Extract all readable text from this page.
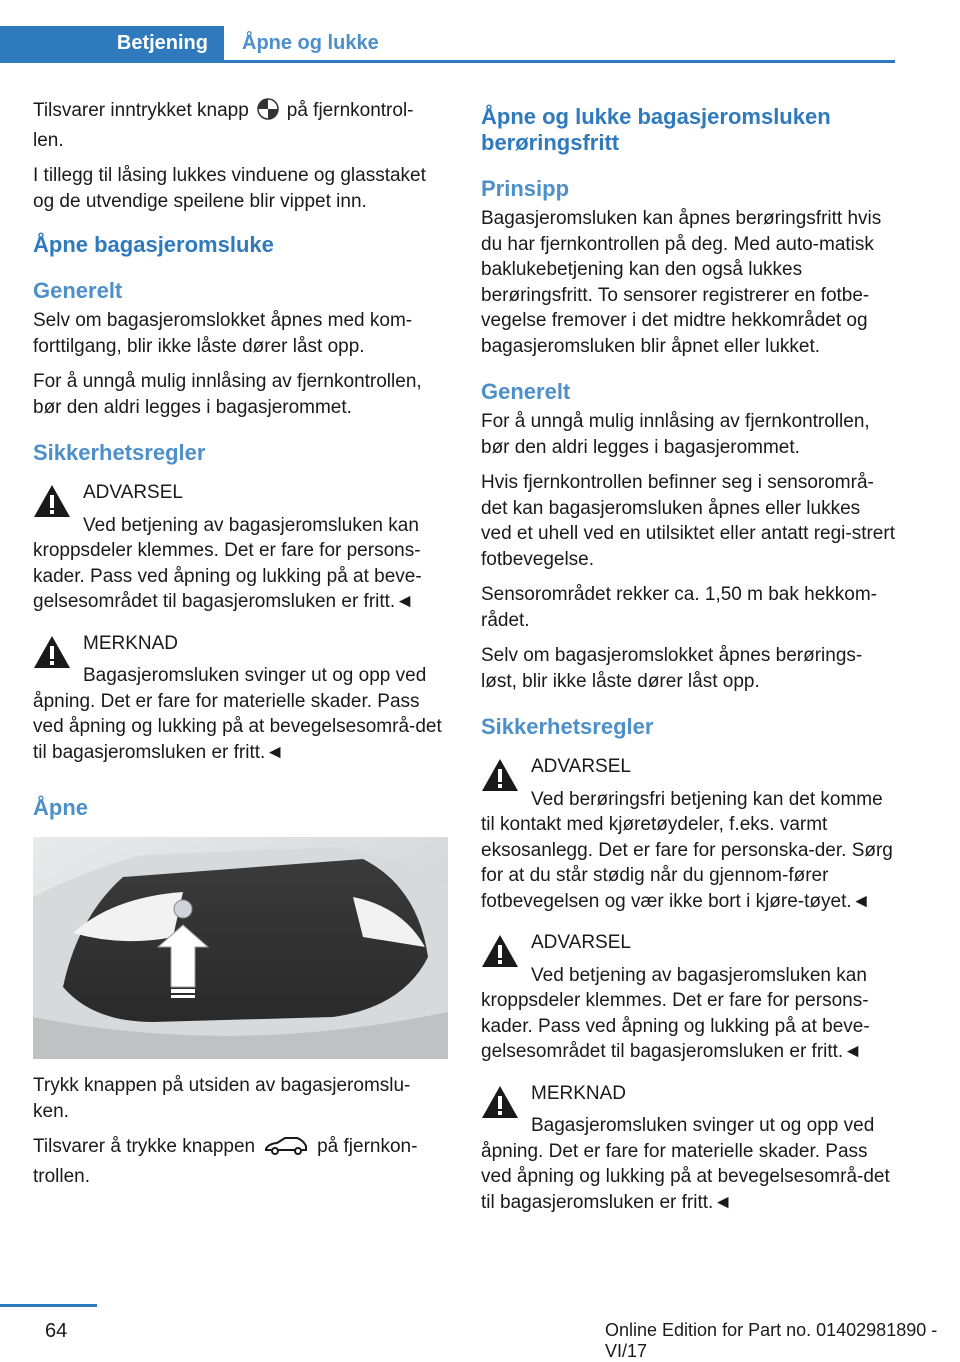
Betjening	Åpne og lukke

Tilsvarer inntrykket knapp på fjernkontrol-len.

I tillegg til låsing lukkes vinduene og glasstaket og de utvendige speilene blir vippet inn.

Åpne bagasjeromsluke
Generelt

Selv om bagasjeromslokket åpnes med kom-forttilgang, blir ikke låste dører låst opp.

For å unngå mulig innlåsing av fjernkontrollen, bør den aldri legges i bagasjerommet.

Sikkerhetsregler
ADVARSEL
Ved betjening av bagasjeromsluken kan kroppsdeler klemmes. Det er fare for persons-kader. Pass ved åpning og lukking på at beve-gelsesområdet til bagasjeromsluken er fritt.◄
MERKNAD
Bagasjeromsluken svinger ut og opp ved åpning. Det er fare for materielle skader. Pass ved åpning og lukking på at bevegelsesområ-det til bagasjeromsluken er fritt.◄
Åpne

Trykk knappen på utsiden av bagasjeromslu-ken.

Tilsvarer å trykke knappen	på fjernkon-trollen.

Åpne og lukke bagasjeromsluken berøringsfritt
Prinsipp

Bagasjeromsluken kan åpnes berøringsfritt hvis du har fjernkontrollen på deg. Med auto-matisk baklukebetjening kan den også lukkes berøringsfritt. To sensorer registrerer en fotbe-vegelse fremover i det midtre hekkområdet og bagasjeromsluken blir åpnet eller lukket.

Generelt

For å unngå mulig innlåsing av fjernkontrollen, bør den aldri legges i bagasjerommet.

Hvis fjernkontrollen befinner seg i sensorområ-det kan bagasjeromsluken åpnes eller lukkes ved et uhell ved en utilsiktet eller antatt regi-strert fotbevegelse.

Sensorområdet rekker ca. 1,50 m bak hekkom-rådet.

Selv om bagasjeromslokket åpnes berørings-løst, blir ikke låste dører låst opp.

Sikkerhetsregler
ADVARSEL
Ved berøringsfri betjening kan det komme til kontakt med kjøretøydeler, f.eks. varmt eksosanlegg. Det er fare for personska-der. Sørg for at du står stødig når du gjennom-fører fotbevegelsen og vær ikke bort i kjøre-tøyet.◄
ADVARSEL
Ved betjening av bagasjeromsluken kan kroppsdeler klemmes. Det er fare for persons-kader. Pass ved åpning og lukking på at beve-gelsesområdet til bagasjeromsluken er fritt.◄
MERKNAD
Bagasjeromsluken svinger ut og opp ved åpning. Det er fare for materielle skader. Pass ved åpning og lukking på at bevegelsesområ-det til bagasjeromsluken er fritt.◄
64	Online Edition for Part no. 01402981890 - VI/17
